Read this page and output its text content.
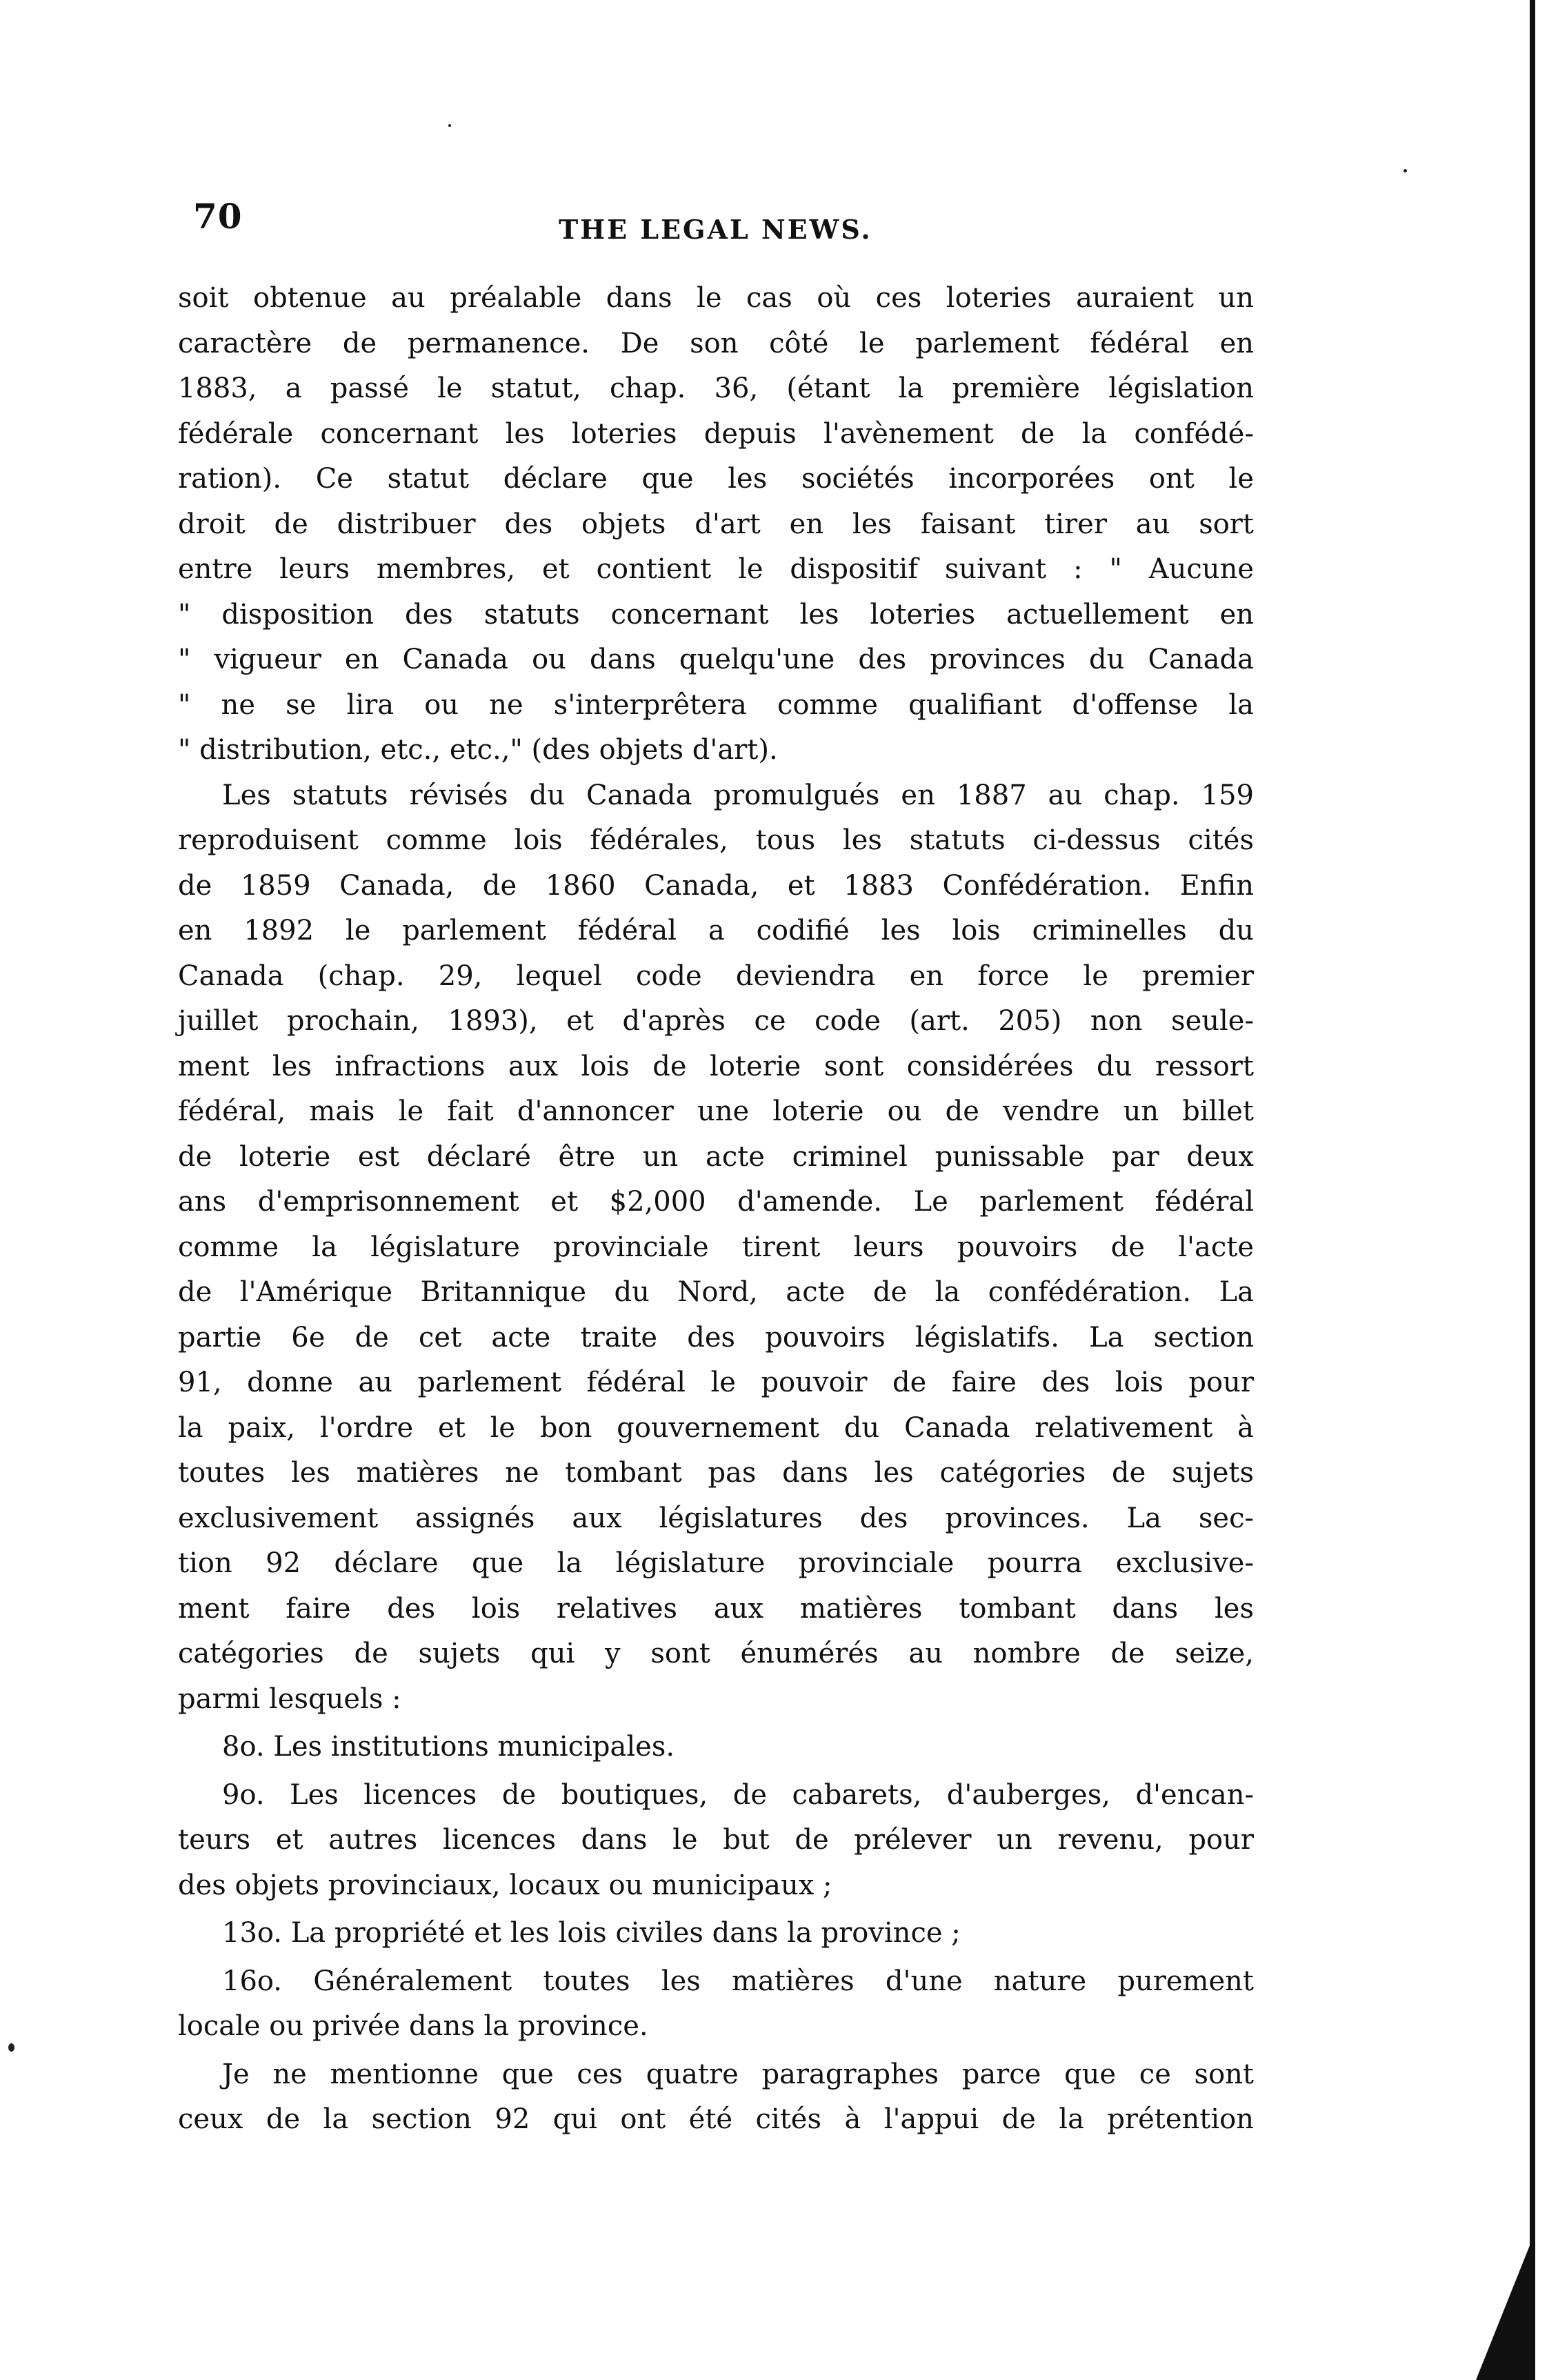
70	THE LEGAL NEWS.
soit obtenue au préalable dans le cas où ces loteries auraient un
caractère de permanence. De son côté le parlement fédéral en
1883, a passé le statut, chap. 36, (étant la première législation
fédérale concernant les loteries depuis l'avènement de la confédé-
ration). Ce statut déclare que les sociétés incorporées ont le
droit de distribuer des objets d'art en les faisant tirer au sort
entre leurs membres, et contient le dispositif suivant : " Aucune
" disposition des statuts concernant les loteries actuellement en
" vigueur en Canada ou dans quelqu'une des provinces du Canada
" ne se lira ou ne s'interprêtera comme qualifiant d'offense la
" distribution, etc., etc.," (des objets d'art).
Les statuts révisés du Canada promulgués en 1887 au chap. 159
reproduisent comme lois fédérales, tous les statuts ci-dessus cités
de 1859 Canada, de 1860 Canada, et 1883 Confédération. Enfin
en 1892 le parlement fédéral a codifié les lois criminelles du
Canada (chap. 29, lequel code deviendra en force le premier
juillet prochain, 1893), et d'après ce code (art. 205) non seule-
ment les infractions aux lois de loterie sont considérées du ressort
fédéral, mais le fait d'annoncer une loterie ou de vendre un billet
de loterie est déclaré être un acte criminel punissable par deux
ans d'emprisonnement et $2,000 d'amende. Le parlement fédéral
comme la législature provinciale tirent leurs pouvoirs de l'acte
de l'Amérique Britannique du Nord, acte de la confédération. La
partie 6e de cet acte traite des pouvoirs législatifs. La section
91, donne au parlement fédéral le pouvoir de faire des lois pour
la paix, l'ordre et le bon gouvernement du Canada relativement à
toutes les matières ne tombant pas dans les catégories de sujets
exclusivement assignés aux législatures des provinces. La sec-
tion 92 déclare que la législature provinciale pourra exclusive-
ment faire des lois relatives aux matières tombant dans les
catégories de sujets qui y sont énumérés au nombre de seize,
parmi lesquels :
8o. Les institutions municipales.
9o. Les licences de boutiques, de cabarets, d'auberges, d'encan-
teurs et autres licences dans le but de prélever un revenu, pour
des objets provinciaux, locaux ou municipaux ;
13o. La propriété et les lois civiles dans la province ;
16o. Généralement toutes les matières d'une nature purement
locale ou privée dans la province.
Je ne mentionne que ces quatre paragraphes parce que ce sont
ceux de la section 92 qui ont été cités à l'appui de la prétention
